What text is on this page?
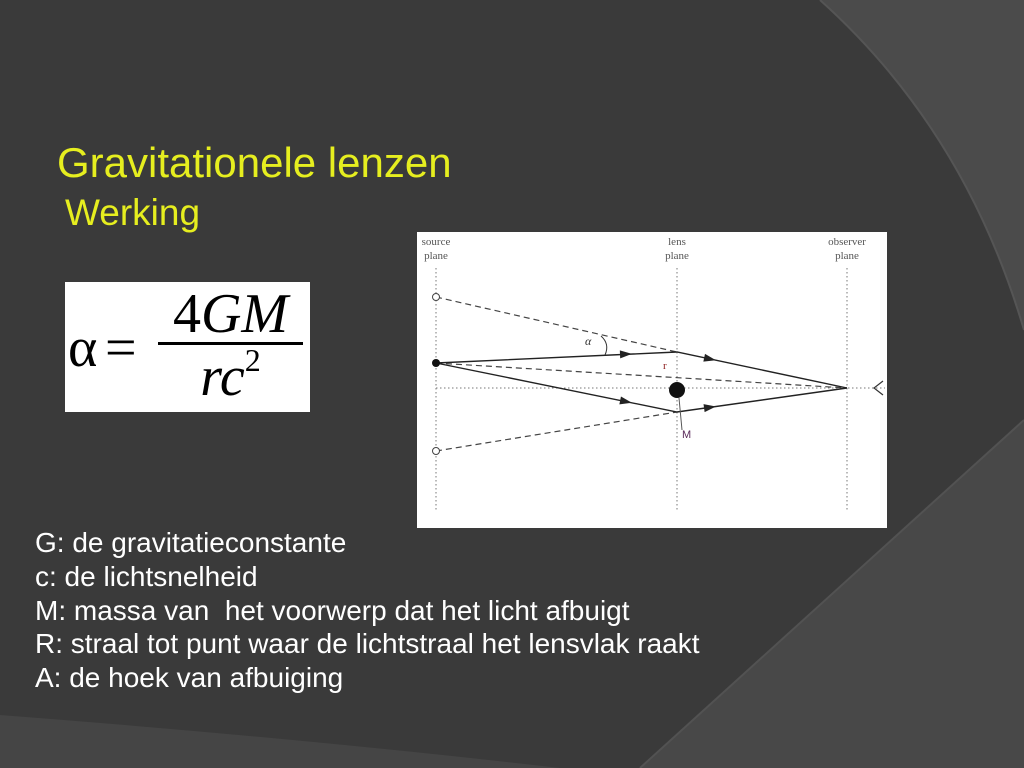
Gravitationele lenzen
Werking
α =
4GM
$rc^2$
source
plane
lens
plane
observer
plane
α
r
M
G: de gravitatieconstante
c: de lichtsnelheid
M: massa van  het voorwerp dat het licht afbuigt
R: straal tot punt waar de lichtstraal het lensvlak raakt
A: de hoek van afbuiging
